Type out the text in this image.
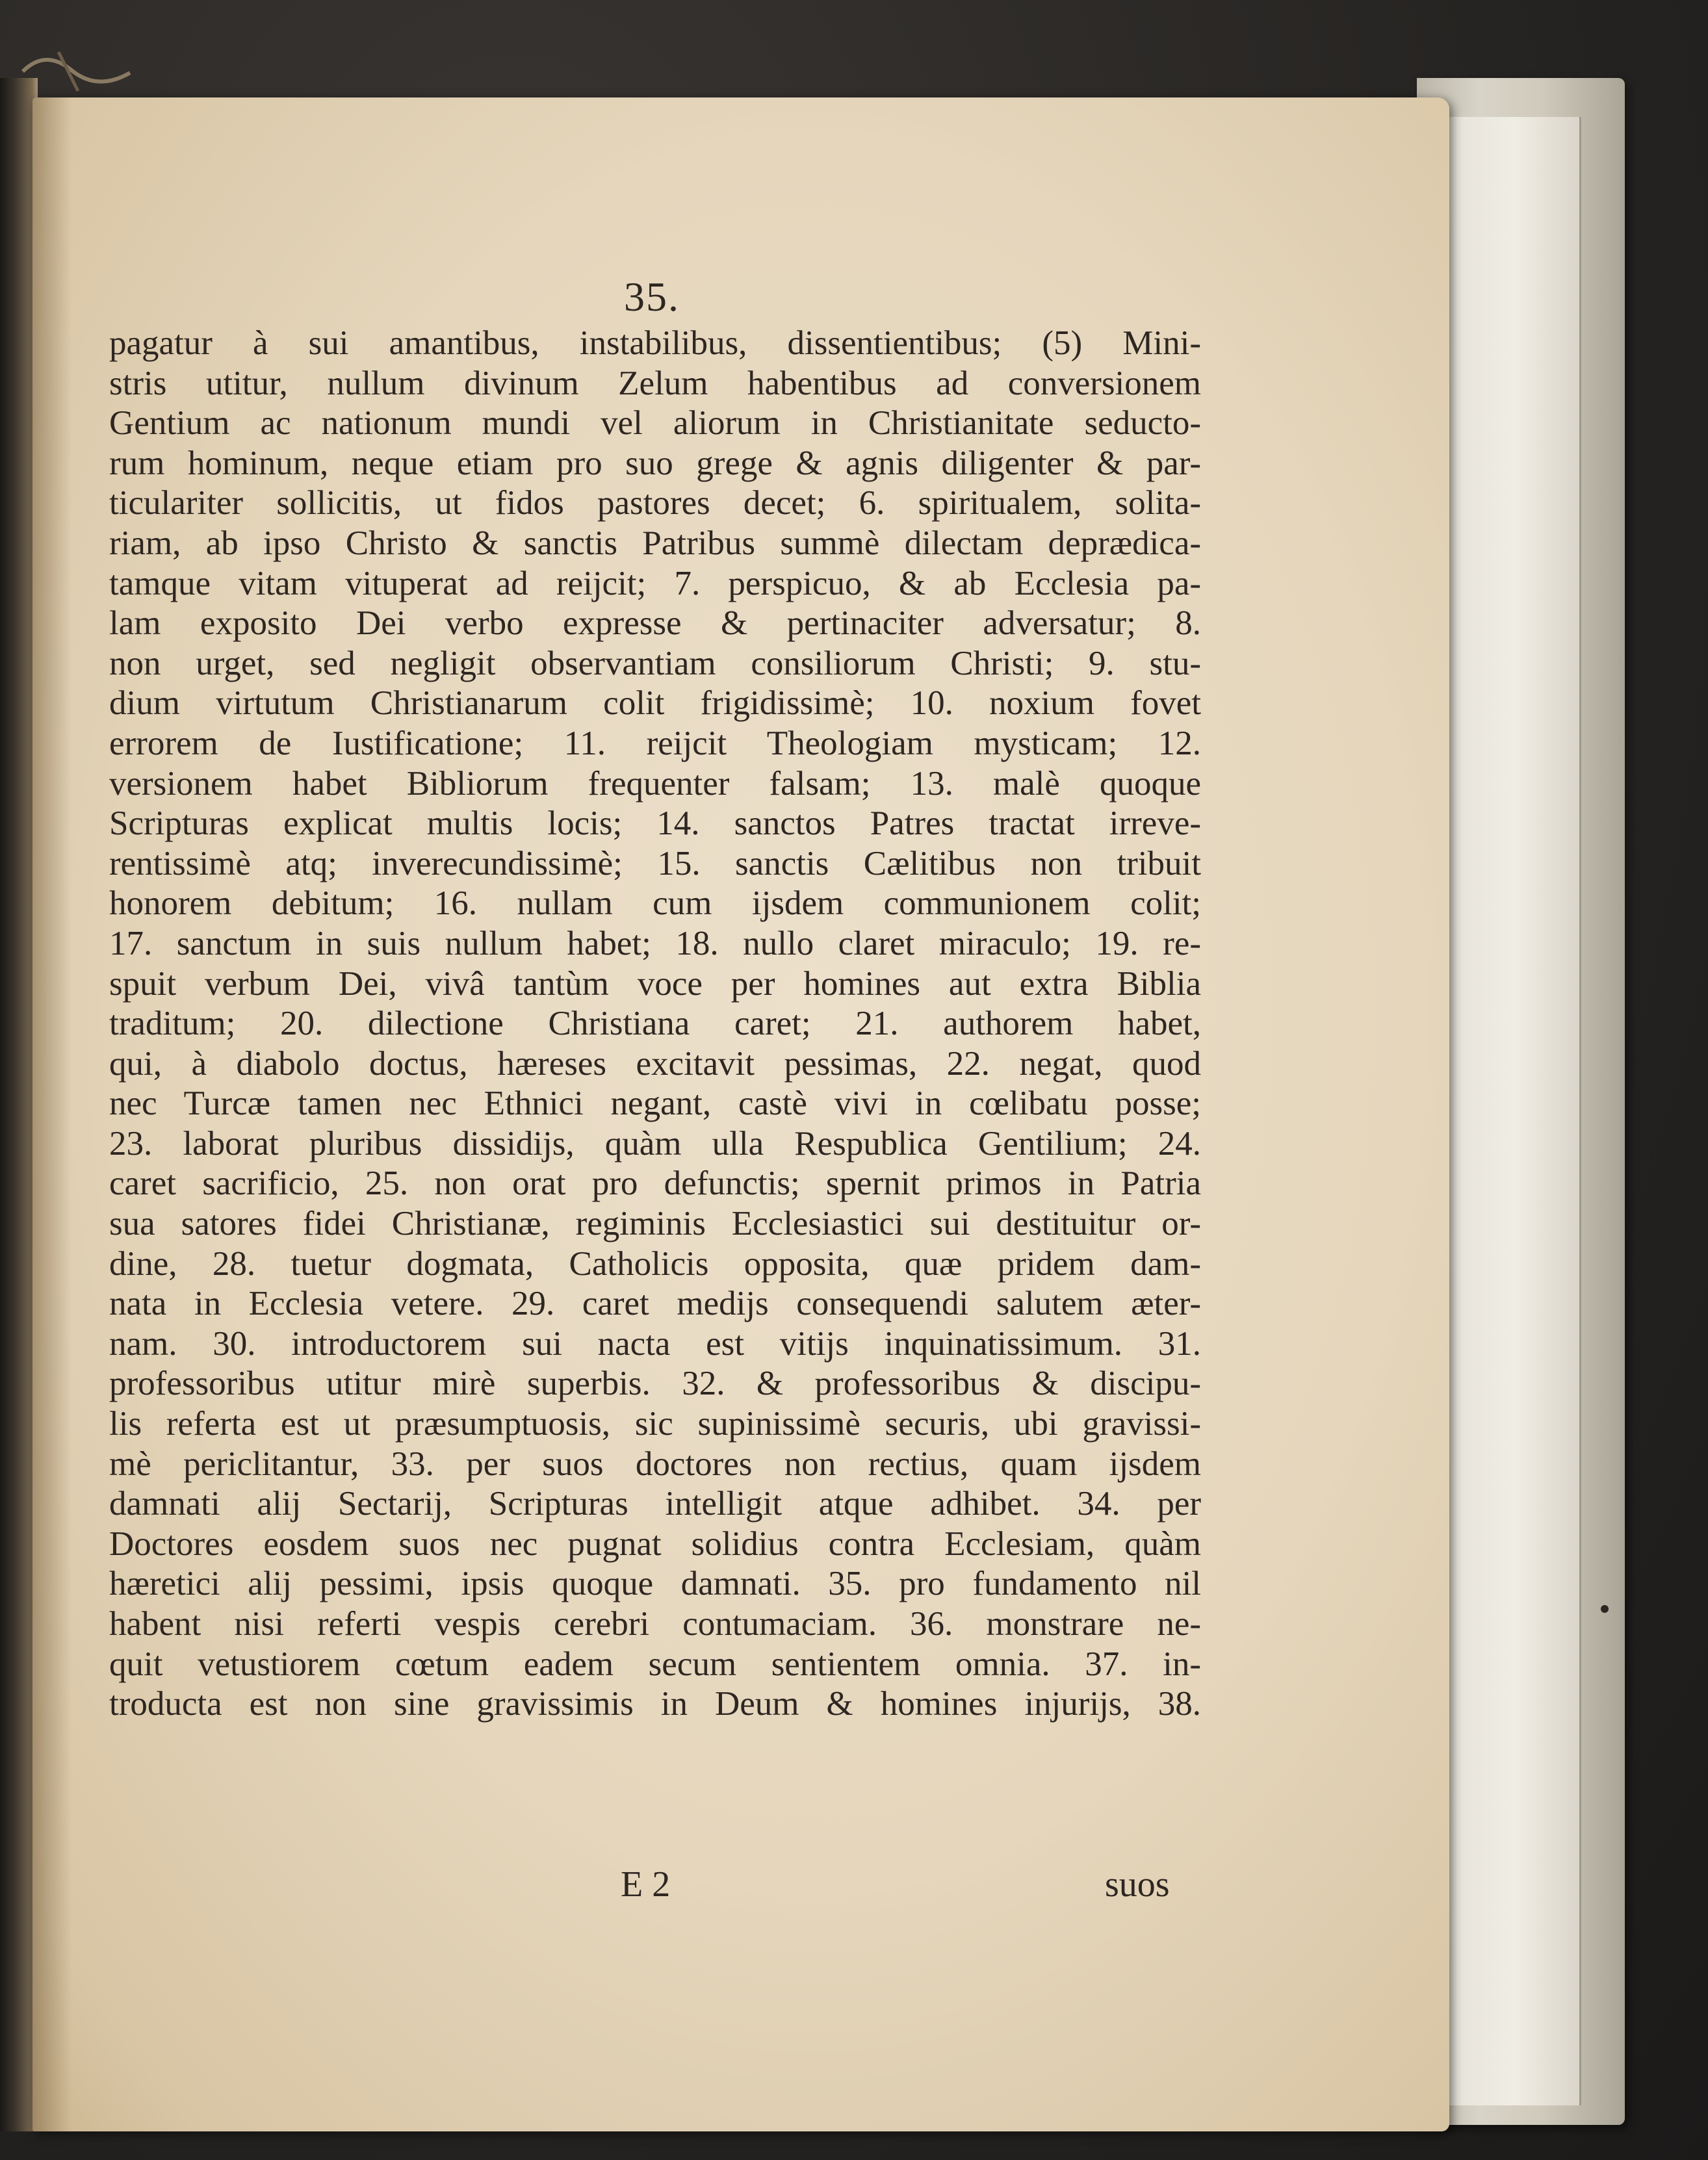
35.
pagatur à sui amantibus, instabilibus, dissentientibus; (5) Mini-
stris utitur, nullum divinum Zelum habentibus ad conversionem
Gentium ac nationum mundi vel aliorum in Christianitate seducto-
rum hominum, neque etiam pro suo grege & agnis diligenter & par-
ticulariter sollicitis, ut fidos pastores decet; 6. spiritualem, solita-
riam, ab ipso Christo & sanctis Patribus summè dilectam deprædica-
tamque vitam vituperat ad reijcit; 7. perspicuo, & ab Ecclesia pa-
lam exposito Dei verbo expresse & pertinaciter adversatur; 8.
non urget, sed negligit observantiam consiliorum Christi; 9. stu-
dium virtutum Christianarum colit frigidissimè; 10. noxium fovet
errorem de Iustificatione; 11. reijcit Theologiam mysticam; 12.
versionem habet Bibliorum frequenter falsam; 13. malè quoque
Scripturas explicat multis locis; 14. sanctos Patres tractat irreve-
rentissimè atq; inverecundissimè; 15. sanctis Cælitibus non tribuit
honorem debitum; 16. nullam cum ijsdem communionem colit;
17. sanctum in suis nullum habet; 18. nullo claret miraculo; 19. re-
spuit verbum Dei, vivâ tantùm voce per homines aut extra Biblia
traditum; 20. dilectione Christiana caret; 21. authorem habet,
qui, à diabolo doctus, hæreses excitavit pessimas, 22. negat, quod
nec Turcæ tamen nec Ethnici negant, castè vivi in cœlibatu posse;
23. laborat pluribus dissidijs, quàm ulla Respublica Gentilium; 24.
caret sacrificio, 25. non orat pro defunctis; spernit primos in Patria
sua satores fidei Christianæ, regiminis Ecclesiastici sui destituitur or-
dine, 28. tuetur dogmata, Catholicis opposita, quæ pridem dam-
nata in Ecclesia vetere. 29. caret medijs consequendi salutem æter-
nam. 30. introductorem sui nacta est vitijs inquinatissimum. 31.
professoribus utitur mirè superbis. 32. & professoribus & discipu-
lis referta est ut præsumptuosis, sic supinissimè securis, ubi gravissi-
mè periclitantur, 33. per suos doctores non rectius, quam ijsdem
damnati alij Sectarij, Scripturas intelligit atque adhibet. 34. per
Doctores eosdem suos nec pugnat solidius contra Ecclesiam, quàm
hæretici alij pessimi, ipsis quoque damnati. 35. pro fundamento nil
habent nisi referti vespis cerebri contumaciam. 36. monstrare ne-
quit vetustiorem cœtum eadem secum sentientem omnia. 37. in-
troducta est non sine gravissimis in Deum & homines injurijs, 38.
E 2	suos
